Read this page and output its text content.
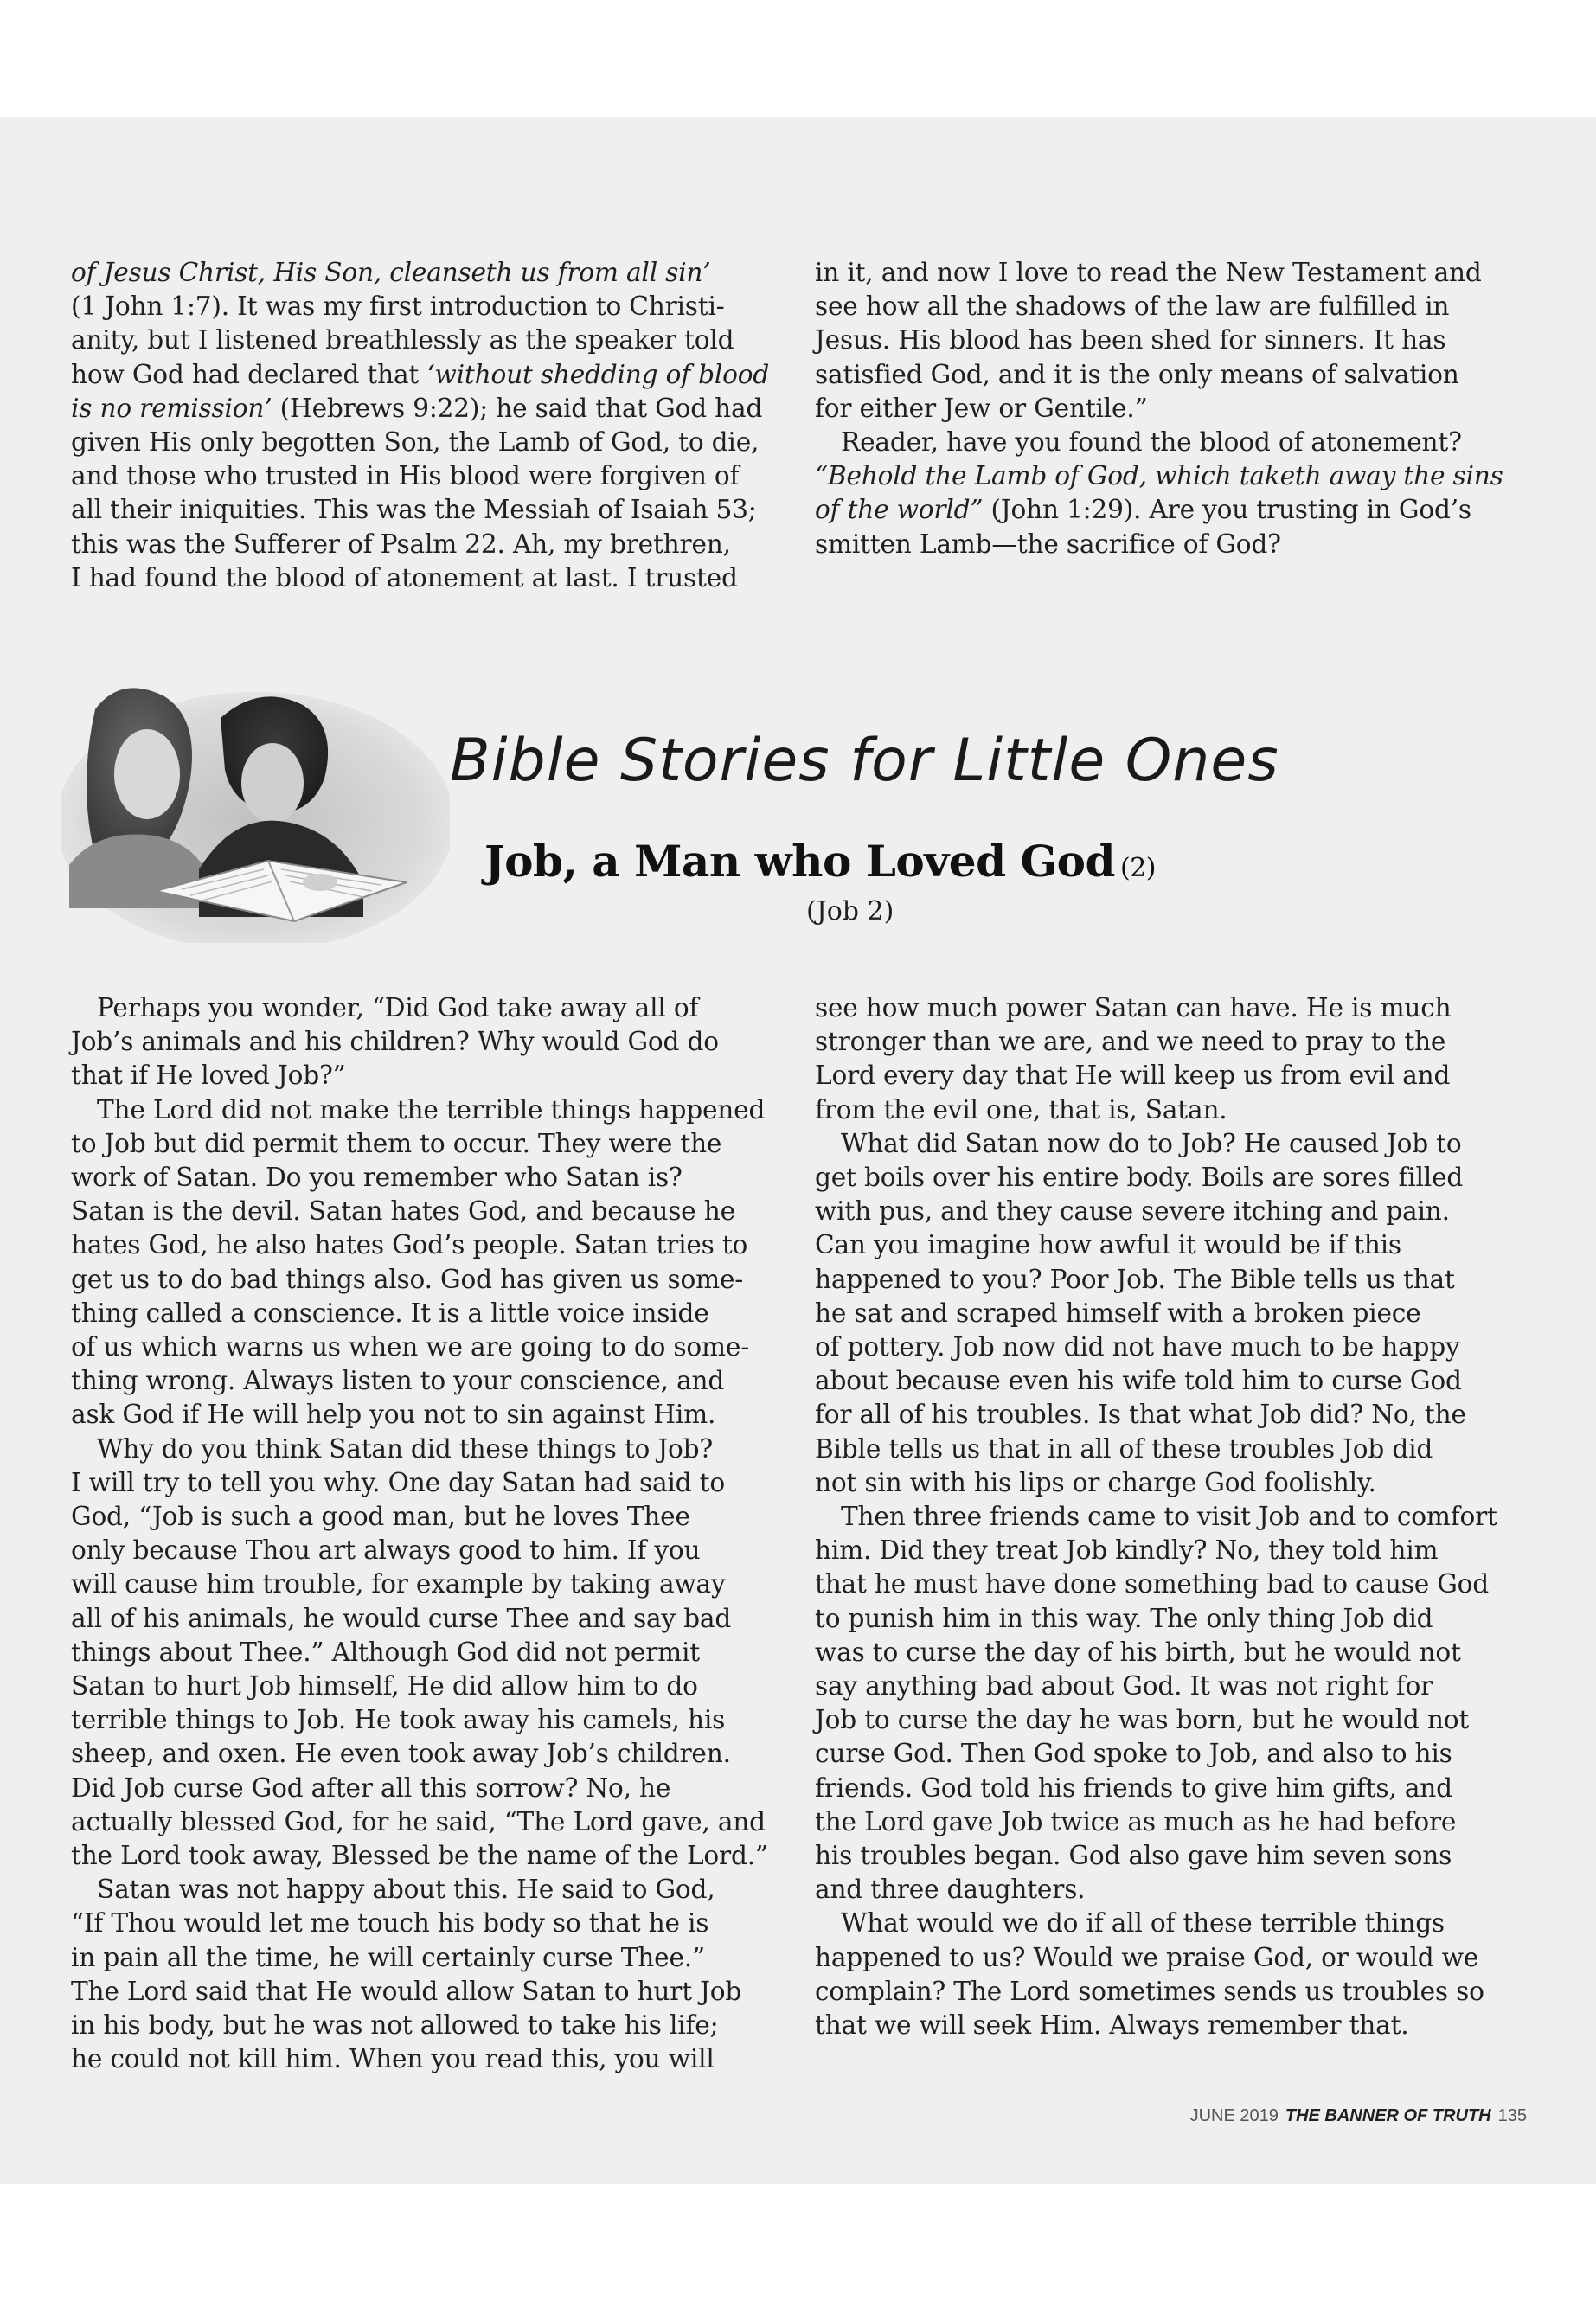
of Jesus Christ, His Son, cleanseth us from all sin’
(1 John 1:7). It was my first introduction to Christi-
anity, but I listened breathlessly as the speaker told
how God had declared that ‘without shedding of blood
is no remission’ (Hebrews 9:22); he said that God had
given His only begotten Son, the Lamb of God, to die,
and those who trusted in His blood were forgiven of
all their iniquities. This was the Messiah of Isaiah 53;
this was the Sufferer of Psalm 22. Ah, my brethren,
I had found the blood of atonement at last. I trusted
in it, and now I love to read the New Testament and
see how all the shadows of the law are fulfilled in
Jesus. His blood has been shed for sinners. It has
satisfied God, and it is the only means of salvation
for either Jew or Gentile.”
Reader, have you found the blood of atonement?
“Behold the Lamb of God, which taketh away the sins
of the world” (John 1:29). Are you trusting in God’s
smitten Lamb—the sacrifice of God?
Bible Stories for Little Ones
Job, a Man who Loved God (2)
(Job 2)
Perhaps you wonder, “Did God take away all of
Job’s animals and his children? Why would God do
that if He loved Job?”
The Lord did not make the terrible things happened
to Job but did permit them to occur. They were the
work of Satan. Do you remember who Satan is?
Satan is the devil. Satan hates God, and because he
hates God, he also hates God’s people. Satan tries to
get us to do bad things also. God has given us some-
thing called a conscience. It is a little voice inside
of us which warns us when we are going to do some-
thing wrong. Always listen to your conscience, and
ask God if He will help you not to sin against Him.
Why do you think Satan did these things to Job?
I will try to tell you why. One day Satan had said to
God, “Job is such a good man, but he loves Thee
only because Thou art always good to him. If you
will cause him trouble, for example by taking away
all of his animals, he would curse Thee and say bad
things about Thee.” Although God did not permit
Satan to hurt Job himself, He did allow him to do
terrible things to Job. He took away his camels, his
sheep, and oxen. He even took away Job’s children.
Did Job curse God after all this sorrow? No, he
actually blessed God, for he said, “The Lord gave, and
the Lord took away, Blessed be the name of the Lord.”
Satan was not happy about this. He said to God,
“If Thou would let me touch his body so that he is
in pain all the time, he will certainly curse Thee.”
The Lord said that He would allow Satan to hurt Job
in his body, but he was not allowed to take his life;
he could not kill him. When you read this, you will
see how much power Satan can have. He is much
stronger than we are, and we need to pray to the
Lord every day that He will keep us from evil and
from the evil one, that is, Satan.
What did Satan now do to Job? He caused Job to
get boils over his entire body. Boils are sores filled
with pus, and they cause severe itching and pain.
Can you imagine how awful it would be if this
happened to you? Poor Job. The Bible tells us that
he sat and scraped himself with a broken piece
of pottery. Job now did not have much to be happy
about because even his wife told him to curse God
for all of his troubles. Is that what Job did? No, the
Bible tells us that in all of these troubles Job did
not sin with his lips or charge God foolishly.
Then three friends came to visit Job and to comfort
him. Did they treat Job kindly? No, they told him
that he must have done something bad to cause God
to punish him in this way. The only thing Job did
was to curse the day of his birth, but he would not
say anything bad about God. It was not right for
Job to curse the day he was born, but he would not
curse God. Then God spoke to Job, and also to his
friends. God told his friends to give him gifts, and
the Lord gave Job twice as much as he had before
his troubles began. God also gave him seven sons
and three daughters.
What would we do if all of these terrible things
happened to us? Would we praise God, or would we
complain? The Lord sometimes sends us troubles so
that we will seek Him. Always remember that.
JUNE 2019 THE BANNER OF TRUTH 135
